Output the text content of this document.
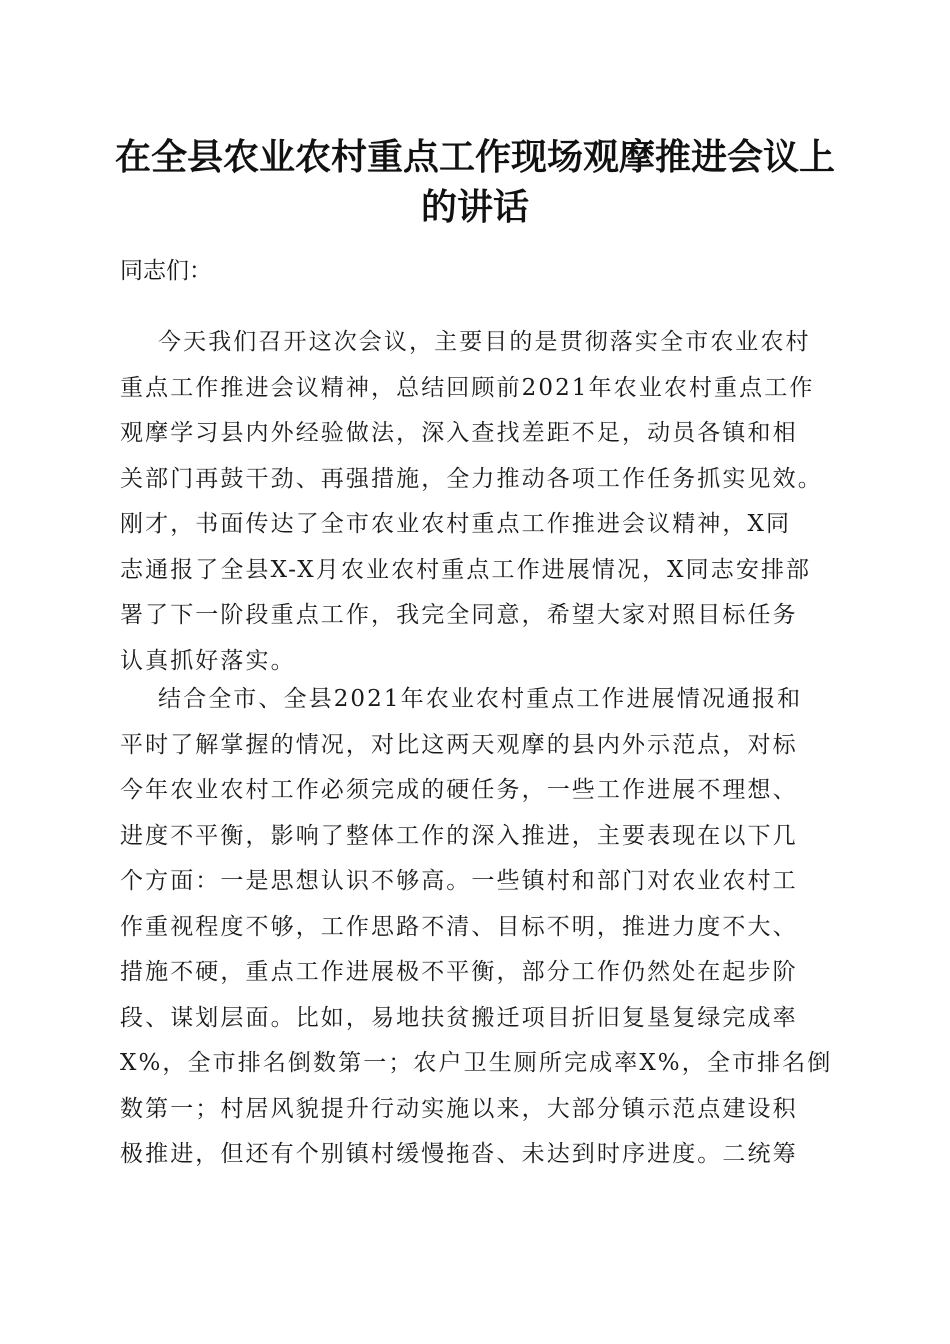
在全县农业农村重点工作现场观摩推进会议上
的讲话

同志们：

今天我们召开这次会议，主要目的是贯彻落实全市农业农村
重点工作推进会议精神，总结回顾前2021年农业农村重点工作
观摩学习县内外经验做法，深入查找差距不足，动员各镇和相
关部门再鼓干劲、再强措施，全力推动各项工作任务抓实见效。
刚才，书面传达了全市农业农村重点工作推进会议精神，X同
志通报了全县X-X月农业农村重点工作进展情况，X同志安排部
署了下一阶段重点工作，我完全同意，希望大家对照目标任务
认真抓好落实。
结合全市、全县2021年农业农村重点工作进展情况通报和
平时了解掌握的情况，对比这两天观摩的县内外示范点，对标
今年农业农村工作必须完成的硬任务，一些工作进展不理想、
进度不平衡，影响了整体工作的深入推进，主要表现在以下几
个方面：一是思想认识不够高。一些镇村和部门对农业农村工
作重视程度不够，工作思路不清、目标不明，推进力度不大、
措施不硬，重点工作进展极不平衡，部分工作仍然处在起步阶
段、谋划层面。比如，易地扶贫搬迁项目折旧复垦复绿完成率
X%，全市排名倒数第一；农户卫生厕所完成率X%，全市排名倒
数第一；村居风貌提升行动实施以来，大部分镇示范点建设积
极推进，但还有个别镇村缓慢拖沓、未达到时序进度。二统筹
